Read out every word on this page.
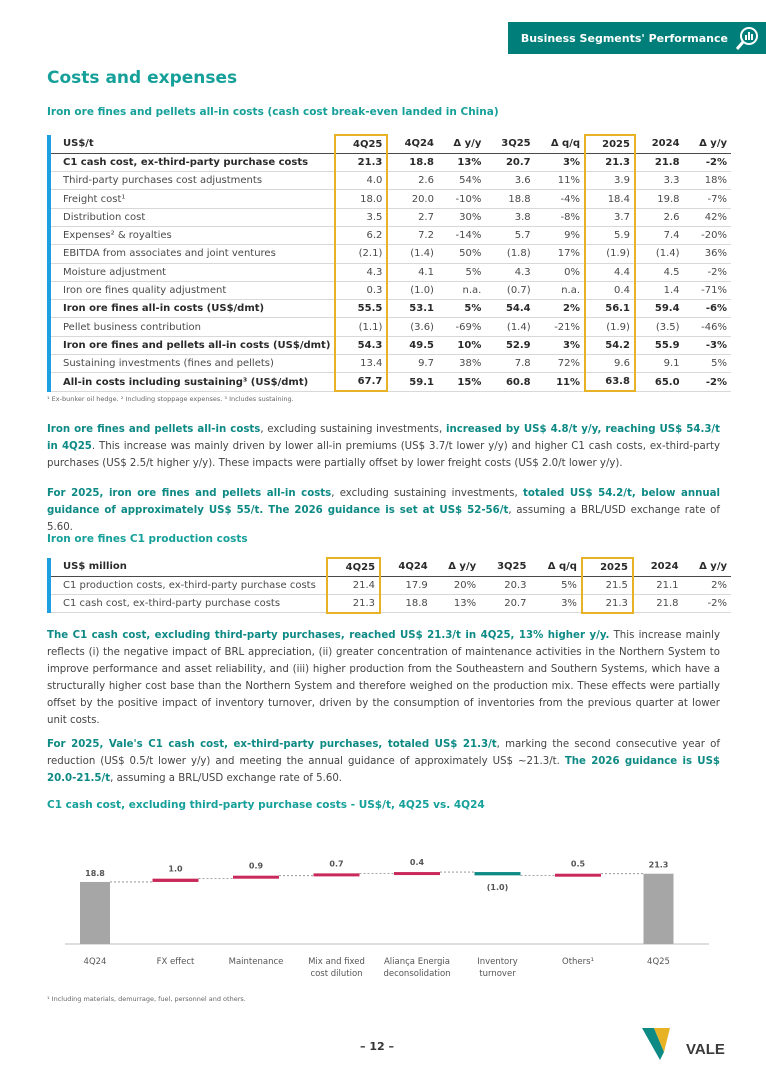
Business Segments' Performance
Costs and expenses
Iron ore fines and pellets all-in costs (cash cost break-even landed in China)
US$/t	4Q25	4Q24	Δ y/y	3Q25	Δ q/q	2025	2024	Δ y/y
C1 cash cost, ex-third-party purchase costs	21.3	18.8	13%	20.7	3%	21.3	21.8	-2%
Third-party purchases cost adjustments	4.0	2.6	54%	3.6	11%	3.9	3.3	18%
Freight cost¹	18.0	20.0	-10%	18.8	-4%	18.4	19.8	-7%
Distribution cost	3.5	2.7	30%	3.8	-8%	3.7	2.6	42%
Expenses² & royalties	6.2	7.2	-14%	5.7	9%	5.9	7.4	-20%
EBITDA from associates and joint ventures	(2.1)	(1.4)	50%	(1.8)	17%	(1.9)	(1.4)	36%
Moisture adjustment	4.3	4.1	5%	4.3	0%	4.4	4.5	-2%
Iron ore fines quality adjustment	0.3	(1.0)	n.a.	(0.7)	n.a.	0.4	1.4	-71%
Iron ore fines all-in costs (US$/dmt)	55.5	53.1	5%	54.4	2%	56.1	59.4	-6%
Pellet business contribution	(1.1)	(3.6)	-69%	(1.4)	-21%	(1.9)	(3.5)	-46%
Iron ore fines and pellets all-in costs (US$/dmt)	54.3	49.5	10%	52.9	3%	54.2	55.9	-3%
Sustaining investments (fines and pellets)	13.4	9.7	38%	7.8	72%	9.6	9.1	5%
All-in costs including sustaining³ (US$/dmt)	67.7	59.1	15%	60.8	11%	63.8	65.0	-2%
¹ Ex-bunker oil hedge. ² Including stoppage expenses. ³ Includes sustaining.
Iron ore fines and pellets all-in costs, excluding sustaining investments, increased by US$ 4.8/t y/y, reaching US$ 54.3/t in 4Q25. This increase was mainly driven by lower all-in premiums (US$ 3.7/t lower y/y) and higher C1 cash costs, ex-third-party purchases (US$ 2.5/t higher y/y). These impacts were partially offset by lower freight costs (US$ 2.0/t lower y/y).
For 2025, iron ore fines and pellets all-in costs, excluding sustaining investments, totaled US$ 54.2/t, below annual guidance of approximately US$ 55/t. The 2026 guidance is set at US$ 52-56/t, assuming a BRL/USD exchange rate of 5.60.
Iron ore fines C1 production costs
US$ million	4Q25	4Q24	Δ y/y	3Q25	Δ q/q	2025	2024	Δ y/y
C1 production costs, ex-third-party purchase costs	21.4	17.9	20%	20.3	5%	21.5	21.1	2%
C1 cash cost, ex-third-party purchase costs	21.3	18.8	13%	20.7	3%	21.3	21.8	-2%
The C1 cash cost, excluding third-party purchases, reached US$ 21.3/t in 4Q25, 13% higher y/y. This increase mainly reflects (i) the negative impact of BRL appreciation, (ii) greater concentration of maintenance activities in the Northern System to improve performance and asset reliability, and (iii) higher production from the Southeastern and Southern Systems, which have a structurally higher cost base than the Northern System and therefore weighed on the production mix. These effects were partially offset by the positive impact of inventory turnover, driven by the consumption of inventories from the previous quarter at lower unit costs.
For 2025, Vale's C1 cash cost, ex-third-party purchases, totaled US$ 21.3/t, marking the second consecutive year of reduction (US$ 0.5/t lower y/y) and meeting the annual guidance of approximately US$ ~21.3/t. The 2026 guidance is US$ 20.0-21.5/t, assuming a BRL/USD exchange rate of 5.60.
C1 cash cost, excluding third-party purchase costs - US$/t, 4Q25 vs. 4Q24
18.8
4Q24
1.0
FX effect
0.9
Maintenance
0.7
Mix and fixed
cost dilution
0.4
Aliança Energia
deconsolidation
(1.0)
Inventory
turnover
0.5
Others¹
21.3
4Q25
¹ Including materials, demurrage, fuel, personnel and others.
– 12 –	VALE
